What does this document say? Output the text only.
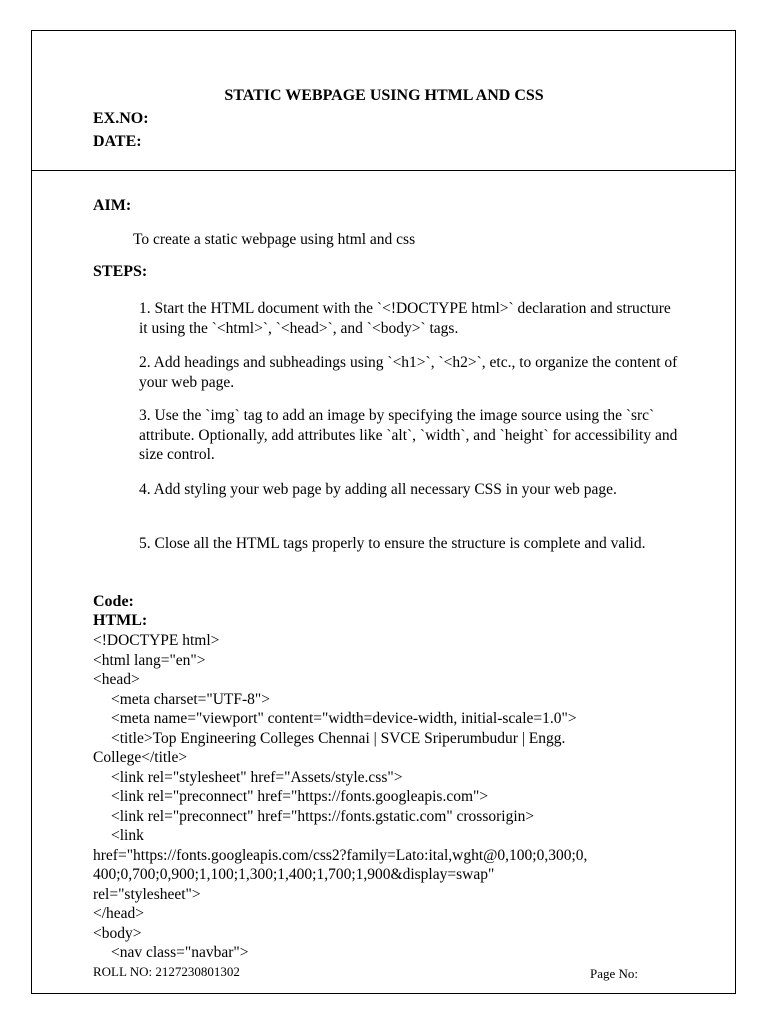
STATIC WEBPAGE USING HTML AND CSS
EX.NO:
DATE:
AIM:
To create a static webpage using html and css
STEPS:
1. Start the HTML document with the `<!DOCTYPE html>` declaration and structure it using the `<html>`, `<head>`, and `<body>` tags.
2. Add headings and subheadings using `<h1>`, `<h2>`, etc., to organize the content of your web page.
3. Use the `img` tag to add an image by specifying the image source using the `src` attribute. Optionally, add attributes like `alt`, `width`, and `height` for accessibility and size control.
4. Add styling your web page by adding all necessary CSS in your web page.
5. Close all the HTML tags properly to ensure the structure is complete and valid.
Code:
HTML:
<!DOCTYPE html>
<html lang="en">
<head>
<meta charset="UTF-8">
<meta name="viewport" content="width=device-width, initial-scale=1.0">
<title>Top Engineering Colleges Chennai | SVCE Sriperumbudur | Engg.
College</title>
<link rel="stylesheet" href="Assets/style.css">
<link rel="preconnect" href="https://fonts.googleapis.com">
<link rel="preconnect" href="https://fonts.gstatic.com" crossorigin>
<link
href="https://fonts.googleapis.com/css2?family=Lato:ital,wght@0,100;0,300;0,
400;0,700;0,900;1,100;1,300;1,400;1,700;1,900&display=swap"
rel="stylesheet">
</head>
<body>
<nav class="navbar">
ROLL NO: 2127230801302	Page No:
